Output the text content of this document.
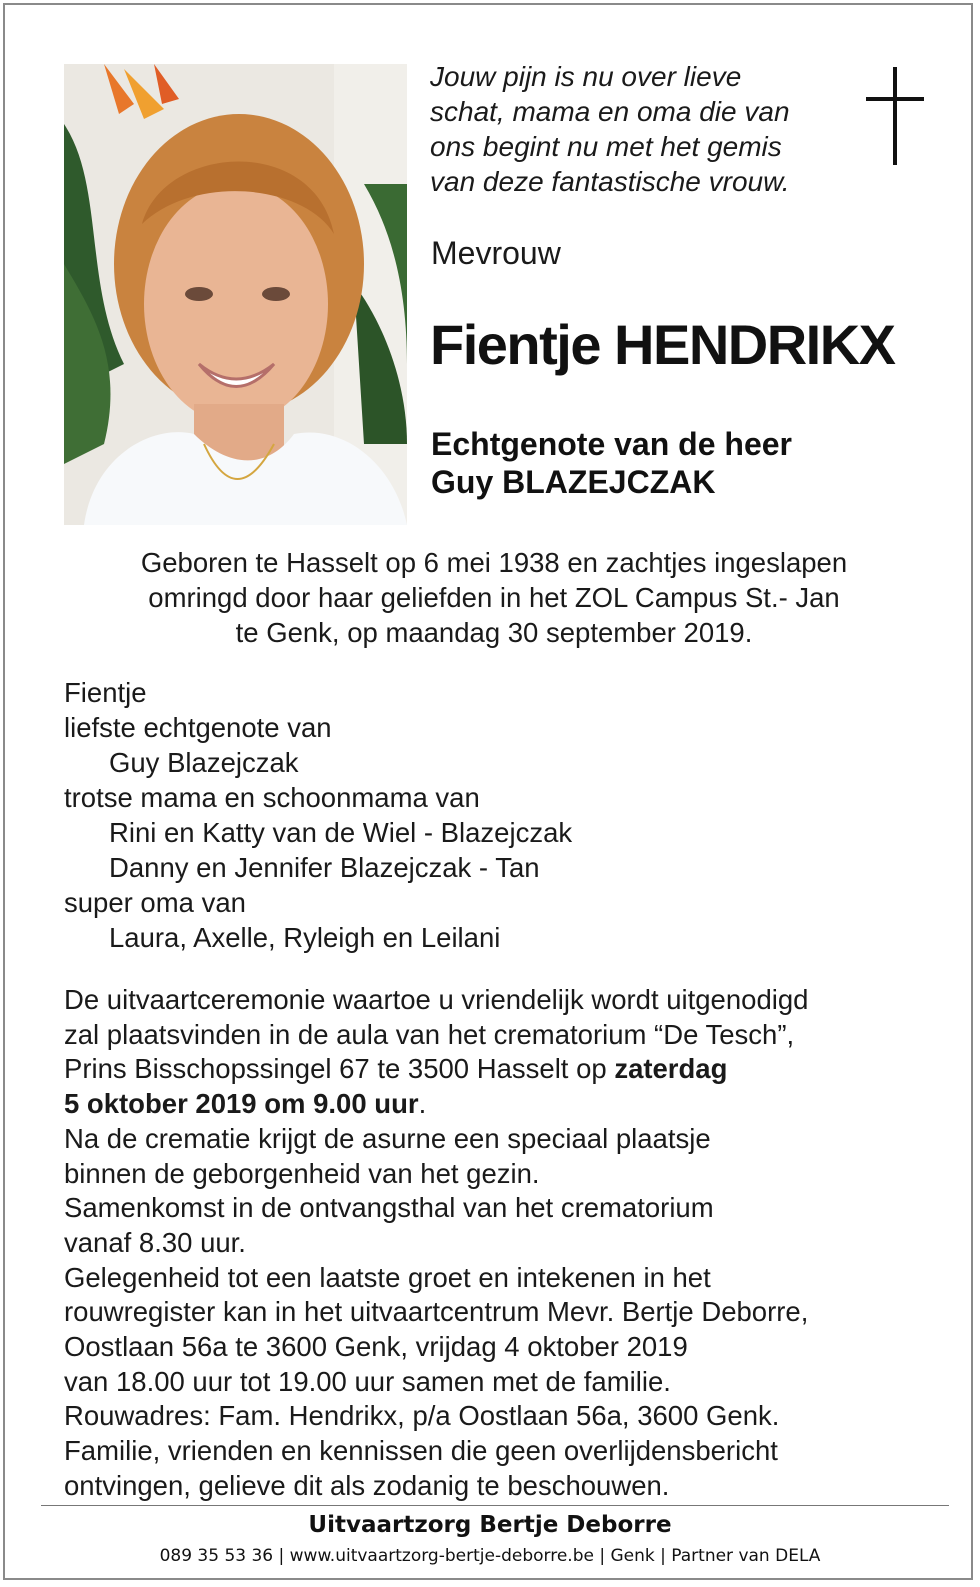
Jouw pijn is nu over lieve
schat, mama en oma die van
ons begint nu met het gemis
van deze fantastische vrouw.
Mevrouw
Fientje HENDRIKX
Echtgenote van de heer
Guy BLAZEJCZAK
Geboren te Hasselt op 6 mei 1938 en zachtjes ingeslapen
omringd door haar geliefden in het ZOL Campus St.- Jan
te Genk, op maandag 30 september 2019.
Fientje
liefste echtgenote van
Guy Blazejczak
trotse mama en schoonmama van
Rini en Katty van de Wiel - Blazejczak
Danny en Jennifer Blazejczak - Tan
super oma van
Laura, Axelle, Ryleigh en Leilani
De uitvaartceremonie waartoe u vriendelijk wordt uitgenodigd
zal plaatsvinden in de aula van het crematorium “De Tesch”,
Prins Bisschopssingel 67 te 3500 Hasselt op zaterdag
5 oktober 2019 om 9.00 uur.
Na de crematie krijgt de asurne een speciaal plaatsje
binnen de geborgenheid van het gezin.
Samenkomst in de ontvangsthal van het crematorium
vanaf 8.30 uur.
Gelegenheid tot een laatste groet en intekenen in het
rouwregister kan in het uitvaartcentrum Mevr. Bertje Deborre,
Oostlaan 56a te 3600 Genk, vrijdag 4 oktober 2019
van 18.00 uur tot 19.00 uur samen met de familie.
Rouwadres: Fam. Hendrikx, p/a Oostlaan 56a, 3600 Genk.
Familie, vrienden en kennissen die geen overlijdensbericht
ontvingen, gelieve dit als zodanig te beschouwen.
Uitvaartzorg Bertje Deborre
089 35 53 36 | www.uitvaartzorg-bertje-deborre.be | Genk | Partner van DELA
